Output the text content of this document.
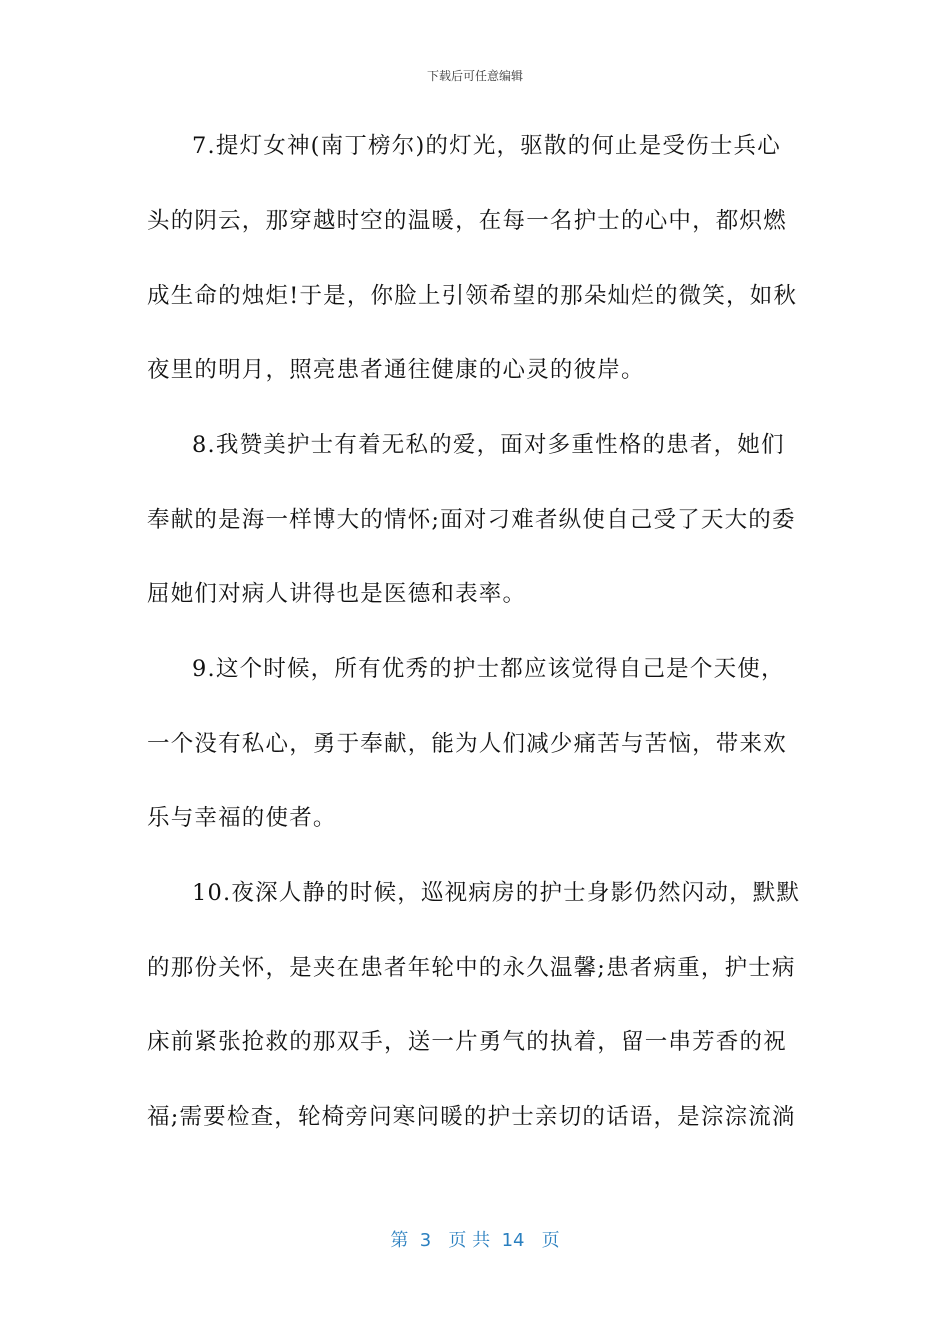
下载后可任意编辑
7.提灯女神(南丁榜尔)的灯光，驱散的何止是受伤士兵心
头的阴云，那穿越时空的温暖，在每一名护士的心中，都炽燃
成生命的烛炬!于是，你脸上引领希望的那朵灿烂的微笑，如秋
夜里的明月，照亮患者通往健康的心灵的彼岸。
8.我赞美护士有着无私的爱，面对多重性格的患者，她们
奉献的是海一样博大的情怀;面对刁难者纵使自己受了天大的委
屈她们对病人讲得也是医德和表率。
9.这个时候，所有优秀的护士都应该觉得自己是个天使，
一个没有私心，勇于奉献，能为人们减少痛苦与苦恼，带来欢
乐与幸福的使者。
10.夜深人静的时候，巡视病房的护士身影仍然闪动，默默
的那份关怀，是夹在患者年轮中的永久温馨;患者病重，护士病
床前紧张抢救的那双手，送一片勇气的执着，留一串芳香的祝
福;需要检查，轮椅旁问寒问暖的护士亲切的话语，是淙淙流淌
第  3   页 共  14   页
